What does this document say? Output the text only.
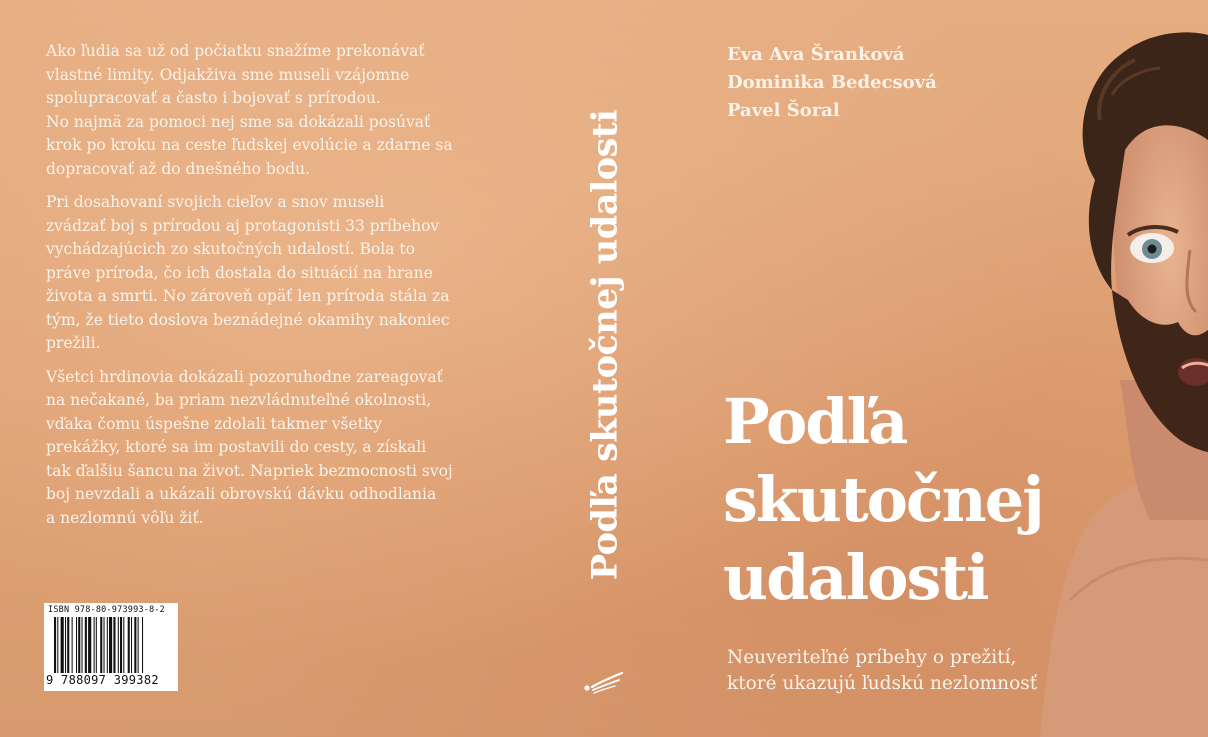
Ako ľudia sa už od počiatku snažíme prekonávať
vlastné limity. Odjakživa sme museli vzájomne
spolupracovať a často i bojovať s prírodou.
No najmä za pomoci nej sme sa dokázali posúvať
krok po kroku na ceste ľudskej evolúcie a zdarne sa
dopracovať až do dnešného bodu.

Pri dosahovaní svojich cieľov a snov museli
zvádzať boj s prírodou aj protagonisti 33 príbehov
vychádzajúcich zo skutočných udalostí. Bola to
práve príroda, čo ich dostala do situácií na hrane
života a smrti. No zároveň opäť len príroda stála za
tým, že tieto doslova beznádejné okamihy nakoniec
prežili.

Všetci hrdinovia dokázali pozoruhodne zareagovať
na nečakané, ba priam nezvládnuteľné okolnosti,
vďaka čomu úspešne zdolali takmer všetky
prekážky, ktoré sa im postavili do cesty, a získali
tak ďalšiu šancu na život. Napriek bezmocnosti svoj
boj nevzdali a ukázali obrovskú dávku odhodlania
a nezlomnú vôľu žiť.

ISBN 978-80-973993-8-2
9 788097 399382
Podľa skutočnej udalosti
Eva Ava Šranková
Dominika Bedecsová
Pavel Šoral
Podľa
skutočnej
udalosti
Neuveriteľné príbehy o prežití,
ktoré ukazujú ľudskú nezlomnosť
